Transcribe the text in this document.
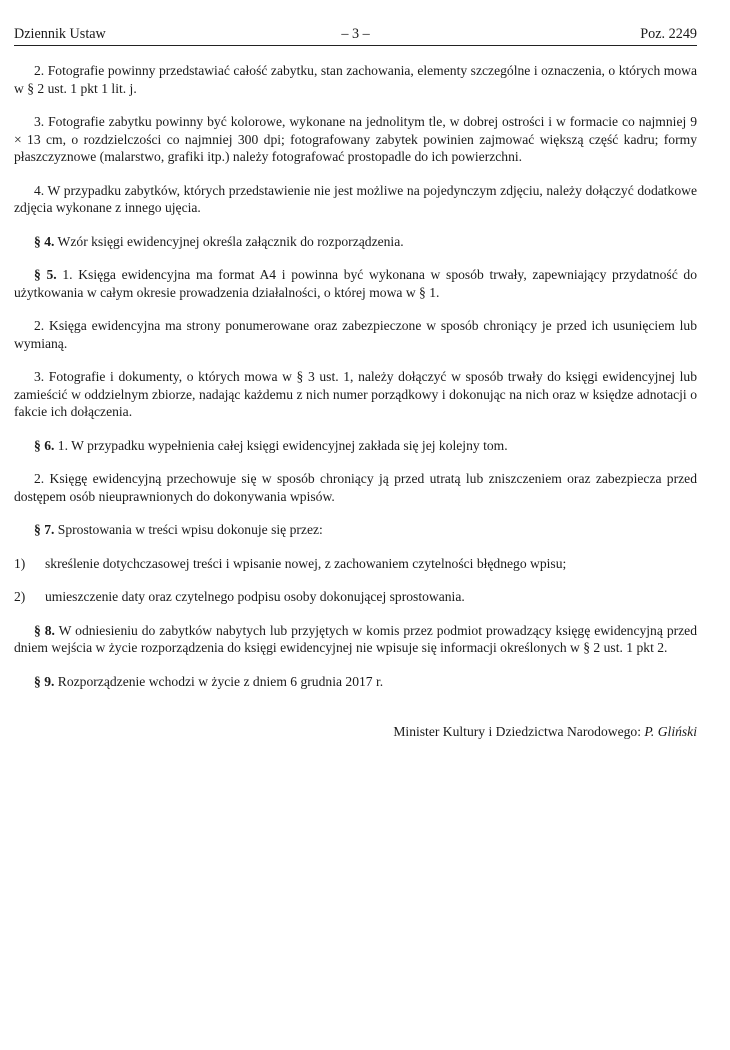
Dziennik Ustaw	– 3 –	Poz. 2249

2. Fotografie powinny przedstawiać całość zabytku, stan zachowania, elementy szczególne i oznaczenia, o których mowa w § 2 ust. 1 pkt 1 lit. j.

3. Fotografie zabytku powinny być kolorowe, wykonane na jednolitym tle, w dobrej ostrości i w formacie co najmniej 9 × 13 cm, o rozdzielczości co najmniej 300 dpi; fotografowany zabytek powinien zajmować większą część kadru; formy płaszczyznowe (malarstwo, grafiki itp.) należy fotografować prostopadle do ich powierzchni.

4. W przypadku zabytków, których przedstawienie nie jest możliwe na pojedynczym zdjęciu, należy dołączyć dodatkowe zdjęcia wykonane z innego ujęcia.

§ 4. Wzór księgi ewidencyjnej określa załącznik do rozporządzenia.

§ 5. 1. Księga ewidencyjna ma format A4 i powinna być wykonana w sposób trwały, zapewniający przydatność do użytkowania w całym okresie prowadzenia działalności, o której mowa w § 1.

2. Księga ewidencyjna ma strony ponumerowane oraz zabezpieczone w sposób chroniący je przed ich usunięciem lub wymianą.

3. Fotografie i dokumenty, o których mowa w § 3 ust. 1, należy dołączyć w sposób trwały do księgi ewidencyjnej lub zamieścić w oddzielnym zbiorze, nadając każdemu z nich numer porządkowy i dokonując na nich oraz w księdze adnotacji o fakcie ich dołączenia.

§ 6. 1. W przypadku wypełnienia całej księgi ewidencyjnej zakłada się jej kolejny tom.

2. Księgę ewidencyjną przechowuje się w sposób chroniący ją przed utratą lub zniszczeniem oraz zabezpiecza przed dostępem osób nieuprawnionych do dokonywania wpisów.

§ 7. Sprostowania w treści wpisu dokonuje się przez:

1)	skreślenie dotychczasowej treści i wpisanie nowej, z zachowaniem czytelności błędnego wpisu;
2)	umieszczenie daty oraz czytelnego podpisu osoby dokonującej sprostowania.

§ 8. W odniesieniu do zabytków nabytych lub przyjętych w komis przez podmiot prowadzący księgę ewidencyjną przed dniem wejścia w życie rozporządzenia do księgi ewidencyjnej nie wpisuje się informacji określonych w § 2 ust. 1 pkt 2.

§ 9. Rozporządzenie wchodzi w życie z dniem 6 grudnia 2017 r.

Minister Kultury i Dziedzictwa Narodowego: P. Gliński
